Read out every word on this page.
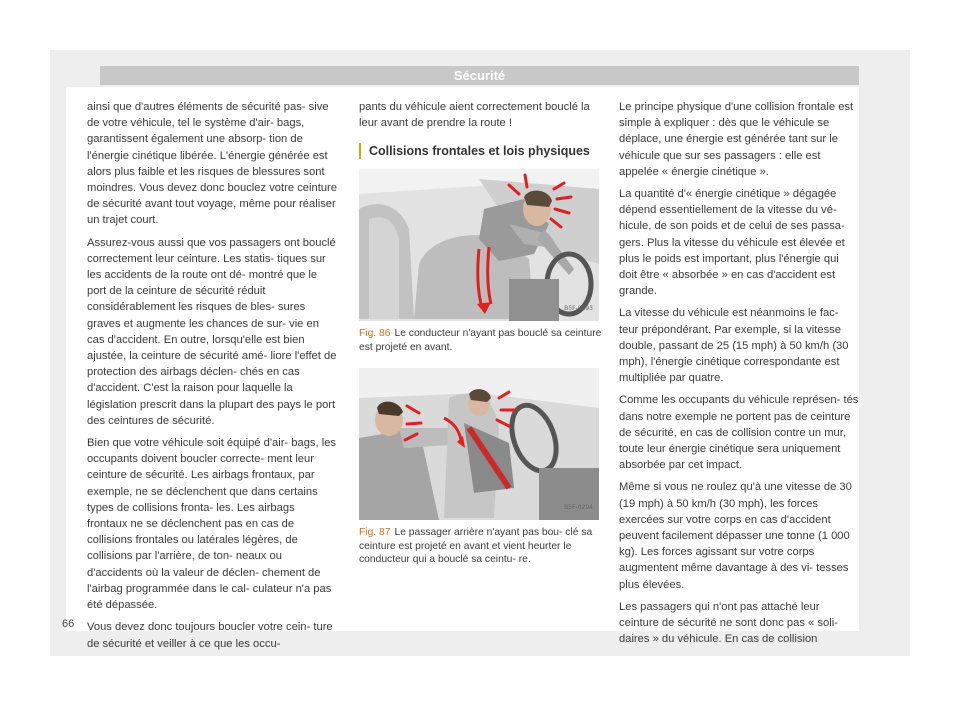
Sécurité

ainsi que d'autres éléments de sécurité pas- sive de votre véhicule, tel le système d'air- bags, garantissent également une absorp- tion de l'énergie cinétique libérée. L'énergie générée est alors plus faible et les risques de blessures sont moindres. Vous devez donc bouclez votre ceinture de sécurité avant tout voyage, même pour réaliser un trajet court.

Assurez-vous aussi que vos passagers ont bouclé correctement leur ceinture. Les statis- tiques sur les accidents de la route ont dé- montré que le port de la ceinture de sécurité réduit considérablement les risques de bles- sures graves et augmente les chances de sur- vie en cas d'accident. En outre, lorsqu'elle est bien ajustée, la ceinture de sécurité amé- liore l'effet de protection des airbags déclen- chés en cas d'accident. C'est la raison pour laquelle la législation prescrit dans la plupart des pays le port des ceintures de sécurité.

Bien que votre véhicule soit équipé d'air- bags, les occupants doivent boucler correcte- ment leur ceinture de sécurité. Les airbags frontaux, par exemple, ne se déclenchent que dans certains types de collisions fronta- les. Les airbags frontaux ne se déclenchent pas en cas de collisions frontales ou latérales légères, de collisions par l'arrière, de ton- neaux ou d'accidents où la valeur de déclen- chement de l'airbag programmée dans le cal- culateur n'a pas été dépassée.

Vous devez donc toujours boucler votre cein- ture de sécurité et veiller à ce que les occu-

pants du véhicule aient correctement bouclé la leur avant de prendre la route !

Collisions frontales et lois physiques
B5F-0293
Fig. 86 Le conducteur n'ayant pas bouclé sa ceinture est projeté en avant.
B5F-0294
Fig. 87 Le passager arrière n'ayant pas bou- clé sa ceinture est projeté en avant et vient heurter le conducteur qui a bouclé sa ceintu- re.

Le principe physique d'une collision frontale est simple à expliquer : dès que le véhicule se déplace, une énergie est générée tant sur le véhicule que sur ses passagers : elle est appelée « énergie cinétique ».

La quantité d'« énergie cinétique » dégagée dépend essentiellement de la vitesse du vé- hicule, de son poids et de celui de ses passa- gers. Plus la vitesse du véhicule est élevée et plus le poids est important, plus l'énergie qui doit être « absorbée » en cas d'accident est grande.

La vitesse du véhicule est néanmoins le fac- teur prépondérant. Par exemple, si la vitesse double, passant de 25 (15 mph) à 50 km/h (30 mph), l'énergie cinétique correspondante est multipliée par quatre.

Comme les occupants du véhicule représen- tés dans notre exemple ne portent pas de ceinture de sécurité, en cas de collision contre un mur, toute leur énergie cinétique sera uniquement absorbée par cet impact.

Même si vous ne roulez qu'à une vitesse de 30 (19 mph) à 50 km/h (30 mph), les forces exercées sur votre corps en cas d'accident peuvent facilement dépasser une tonne (1 000 kg). Les forces agissant sur votre corps augmentent même davantage à des vi- tesses plus élevées.

Les passagers qui n'ont pas attaché leur ceinture de sécurité ne sont donc pas « soli- daires » du véhicule. En cas de collision

66
